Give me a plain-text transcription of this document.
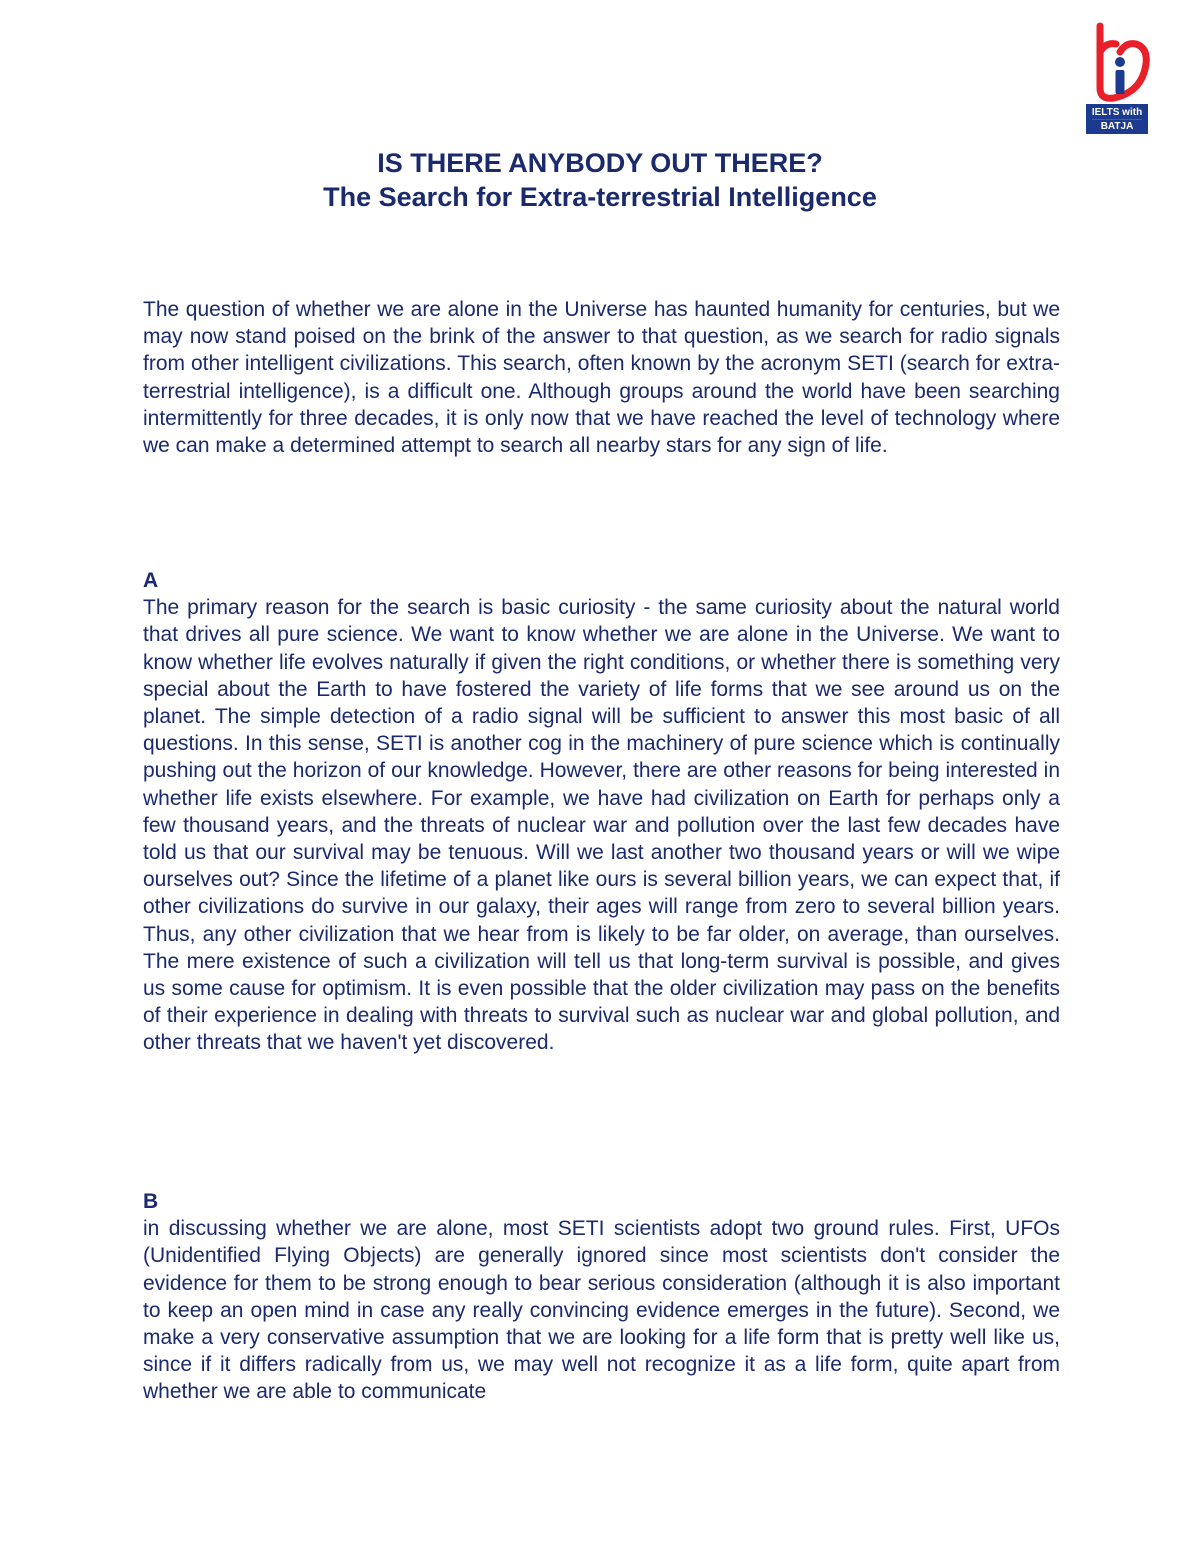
IELTS with
BATJA
IS THERE ANYBODY OUT THERE?
The Search for Extra-terrestrial Intelligence

The question of whether we are alone in the Universe has haunted humanity for centuries, but we may now stand poised on the brink of the answer to that question, as we search for radio signals from other intelligent civilizations. This search, often known by the acronym SETI (search for extra-terrestrial intelligence), is a difficult one. Although groups around the world have been searching intermittently for three decades, it is only now that we have reached the level of technology where we can make a determined attempt to search all nearby stars for any sign of life.

A

The primary reason for the search is basic curiosity - the same curiosity about the natural world that drives all pure science. We want to know whether we are alone in the Universe. We want to know whether life evolves naturally if given the right conditions, or whether there is something very special about the Earth to have fostered the variety of life forms that we see around us on the planet. The simple detection of a radio signal will be sufficient to answer this most basic of all questions. In this sense, SETI is another cog in the machinery of pure science which is continually pushing out the horizon of our knowledge. However, there are other reasons for being interested in whether life exists elsewhere. For example, we have had civilization on Earth for perhaps only a few thousand years, and the threats of nuclear war and pollution over the last few decades have told us that our survival may be tenuous. Will we last another two thousand years or will we wipe ourselves out? Since the lifetime of a planet like ours is several billion years, we can expect that, if other civilizations do survive in our galaxy, their ages will range from zero to several billion years. Thus, any other civilization that we hear from is likely to be far older, on average, than ourselves. The mere existence of such a civilization will tell us that long-term survival is possible, and gives us some cause for optimism. It is even possible that the older civilization may pass on the benefits of their experience in dealing with threats to survival such as nuclear war and global pollution, and other threats that we haven't yet discovered.

B

in discussing whether we are alone, most SETI scientists adopt two ground rules. First, UFOs (Unidentified Flying Objects) are generally ignored since most scientists don't consider the evidence for them to be strong enough to bear serious consideration (although it is also important to keep an open mind in case any really convincing evidence emerges in the future). Second, we make a very conservative assumption that we are looking for a life form that is pretty well like us, since if it differs radically from us, we may well not recognize it as a life form, quite apart from whether we are able to communicate
